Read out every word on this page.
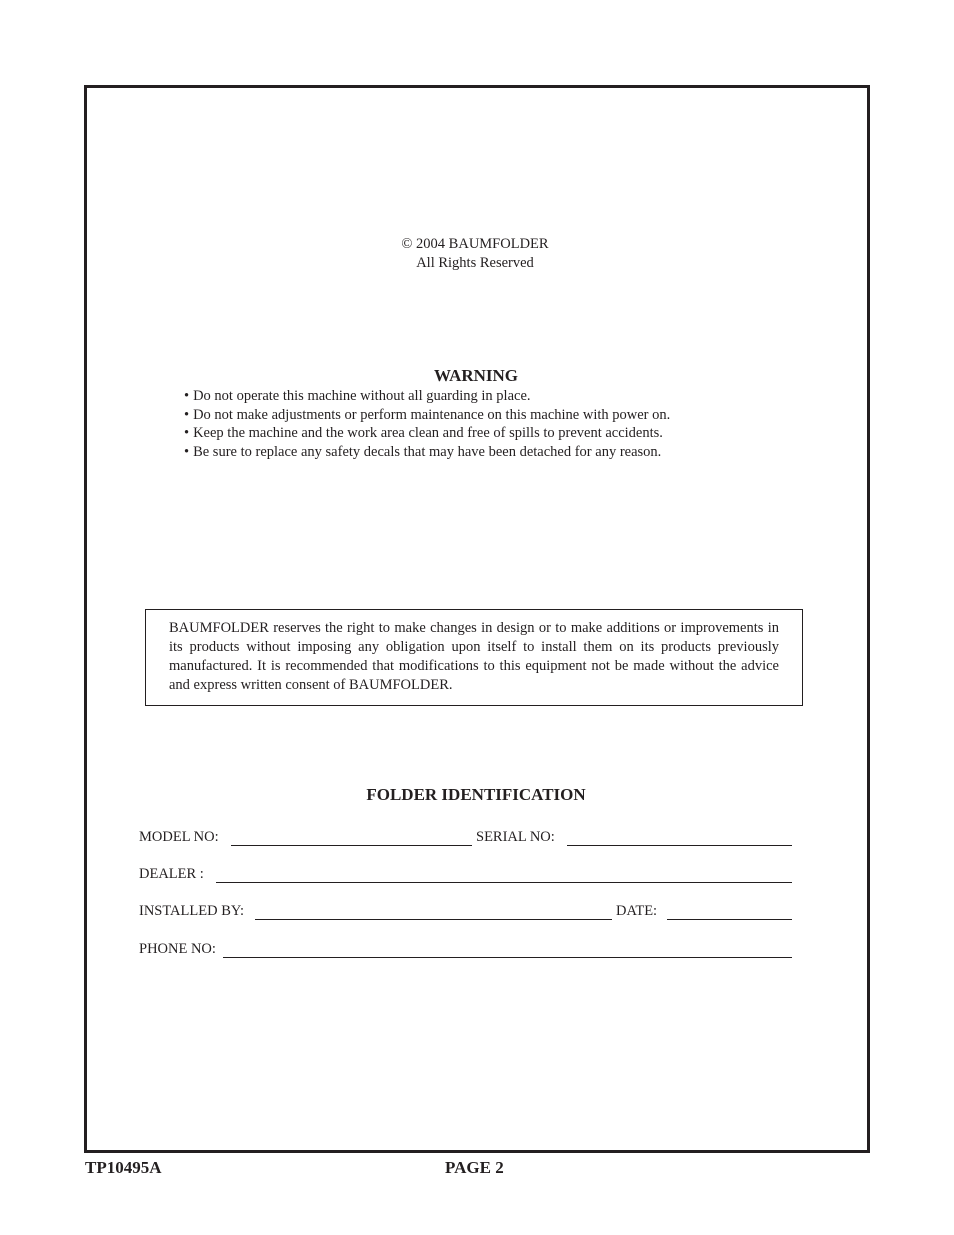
© 2004 BAUMFOLDER
All Rights Reserved
WARNING
• Do not operate this machine without all guarding in place.
• Do not make adjustments or perform maintenance on this machine with power on.
• Keep the machine and the work area clean and free of spills to prevent accidents.
• Be sure to replace any safety decals that may have been detached for any reason.

BAUMFOLDER reserves the right to make changes in design or to make additions or improvements in its products without imposing any obligation upon itself to install them on its products previously manufactured. It is recommended that modifications to this equipment not be made without the advice and express written consent of BAUMFOLDER.

FOLDER IDENTIFICATION
MODEL NO:	SERIAL NO:
DEALER :
INSTALLED BY:	DATE:
PHONE NO:
TP10495A	PAGE 2
